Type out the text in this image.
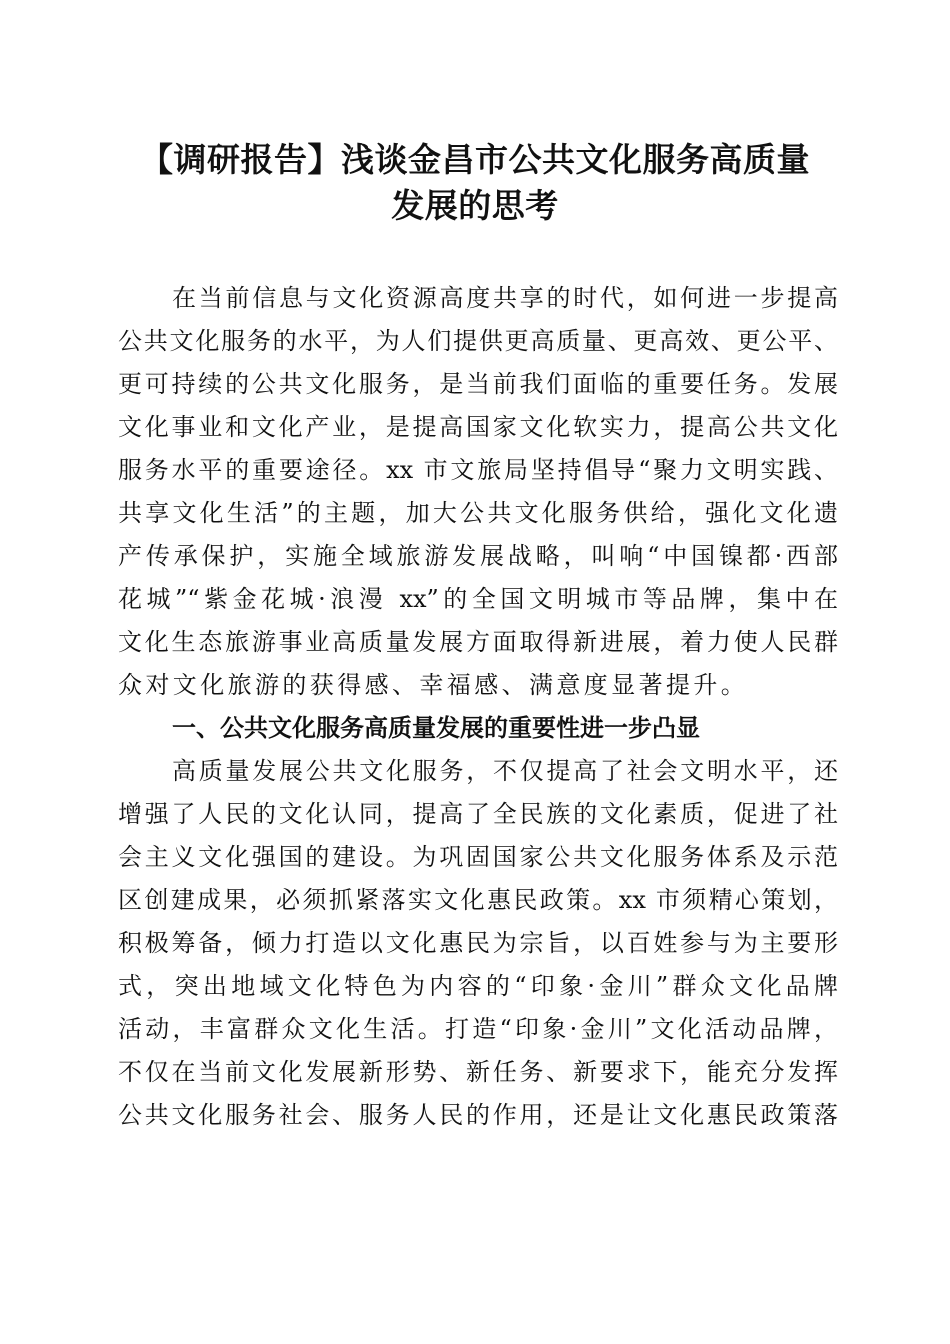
【调研报告】浅谈金昌市公共文化服务高质量
发展的思考

在当前信息与文化资源高度共享的时代，如何进一步提高

公共文化服务的水平，为人们提供更高质量、更高效、更公平、

更可持续的公共文化服务，是当前我们面临的重要任务。发展

文化事业和文化产业，是提高国家文化软实力，提高公共文化

服务水平的重要途径。xx 市文旅局坚持倡导“聚力文明实践、

共享文化生活”的主题，加大公共文化服务供给，强化文化遗

产传承保护，实施全域旅游发展战略，叫响“中国镍都·西部

花城”“紫金花城·浪漫 xx”的全国文明城市等品牌，集中在

文化生态旅游事业高质量发展方面取得新进展，着力使人民群

众对文化旅游的获得感、幸福感、满意度显著提升。

一、公共文化服务高质量发展的重要性进一步凸显

高质量发展公共文化服务，不仅提高了社会文明水平，还

增强了人民的文化认同，提高了全民族的文化素质，促进了社

会主义文化强国的建设。为巩固国家公共文化服务体系及示范

区创建成果，必须抓紧落实文化惠民政策。xx 市须精心策划，

积极筹备，倾力打造以文化惠民为宗旨，以百姓参与为主要形

式，突出地域文化特色为内容的“印象·金川”群众文化品牌

活动，丰富群众文化生活。打造“印象·金川”文化活动品牌，

不仅在当前文化发展新形势、新任务、新要求下，能充分发挥

公共文化服务社会、服务人民的作用，还是让文化惠民政策落
